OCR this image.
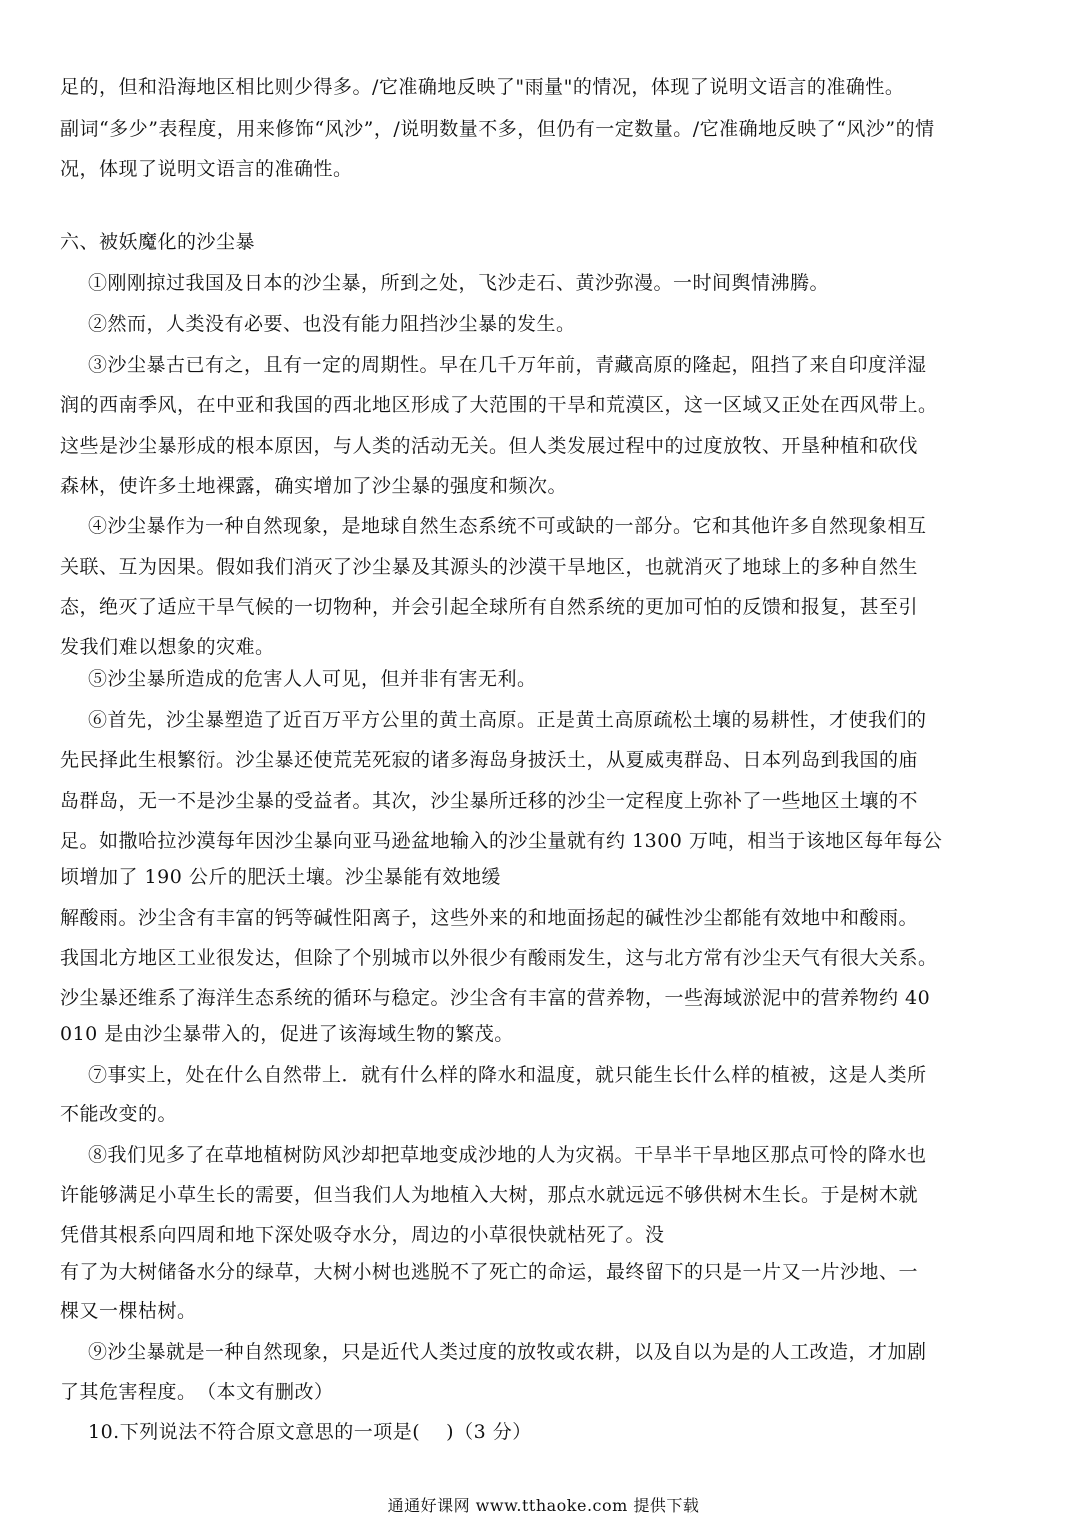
足的，但和沿海地区相比则少得多。/它准确地反映了"雨量"的情况，体现了说明文语言的准确性。
副词“多少”表程度，用来修饰“风沙”，/说明数量不多，但仍有一定数量。/它准确地反映了“风沙”的情
况，体现了说明文语言的准确性。
六、被妖魔化的沙尘暴
①刚刚掠过我国及日本的沙尘暴，所到之处，飞沙走石、黄沙弥漫。一时间舆情沸腾。
②然而，人类没有必要、也没有能力阻挡沙尘暴的发生。
③沙尘暴古已有之，且有一定的周期性。早在几千万年前，青藏高原的隆起，阻挡了来自印度洋湿
润的西南季风，在中亚和我国的西北地区形成了大范围的干旱和荒漠区，这一区域又正处在西风带上。
这些是沙尘暴形成的根本原因，与人类的活动无关。但人类发展过程中的过度放牧、开垦种植和砍伐
森林，使许多土地裸露，确实增加了沙尘暴的强度和频次。
④沙尘暴作为一种自然现象，是地球自然生态系统不可或缺的一部分。它和其他许多自然现象相互
关联、互为因果。假如我们消灭了沙尘暴及其源头的沙漠干旱地区，也就消灭了地球上的多种自然生
态，绝灭了适应干旱气候的一切物种，并会引起全球所有自然系统的更加可怕的反馈和报复，甚至引
发我们难以想象的灾难。
⑤沙尘暴所造成的危害人人可见，但并非有害无利。
⑥首先，沙尘暴塑造了近百万平方公里的黄土高原。正是黄土高原疏松土壤的易耕性，才使我们的
先民择此生根繁衍。沙尘暴还使荒芜死寂的诸多海岛身披沃土，从夏威夷群岛、日本列岛到我国的庙
岛群岛，无一不是沙尘暴的受益者。其次，沙尘暴所迁移的沙尘一定程度上弥补了一些地区土壤的不
足。如撒哈拉沙漠每年因沙尘暴向亚马逊盆地输入的沙尘量就有约 1300 万吨，相当于该地区每年每公
顷增加了 190 公斤的肥沃土壤。沙尘暴能有效地缓
解酸雨。沙尘含有丰富的钙等碱性阳离子，这些外来的和地面扬起的碱性沙尘都能有效地中和酸雨。
我国北方地区工业很发达，但除了个别城市以外很少有酸雨发生，这与北方常有沙尘天气有很大关系。
沙尘暴还维系了海洋生态系统的循环与稳定。沙尘含有丰富的营养物，一些海域淤泥中的营养物约 40
010 是由沙尘暴带入的，促进了该海域生物的繁茂。
⑦事实上，处在什么自然带上．就有什么样的降水和温度，就只能生长什么样的植被，这是人类所
不能改变的。
⑧我们见多了在草地植树防风沙却把草地变成沙地的人为灾祸。干旱半干旱地区那点可怜的降水也
许能够满足小草生长的需要，但当我们人为地植入大树，那点水就远远不够供树木生长。于是树木就
凭借其根系向四周和地下深处吸夺水分，周边的小草很快就枯死了。没
有了为大树储备水分的绿草，大树小树也逃脱不了死亡的命运，最终留下的只是一片又一片沙地、一
棵又一棵枯树。
⑨沙尘暴就是一种自然现象，只是近代人类过度的放牧或农耕，以及自以为是的人工改造，才加剧
了其危害程度。　（本文有删改）
10.下列说法不符合原文意思的一项是(　 )（3 分）
通通好课网 www.tthaoke.com 提供下载
